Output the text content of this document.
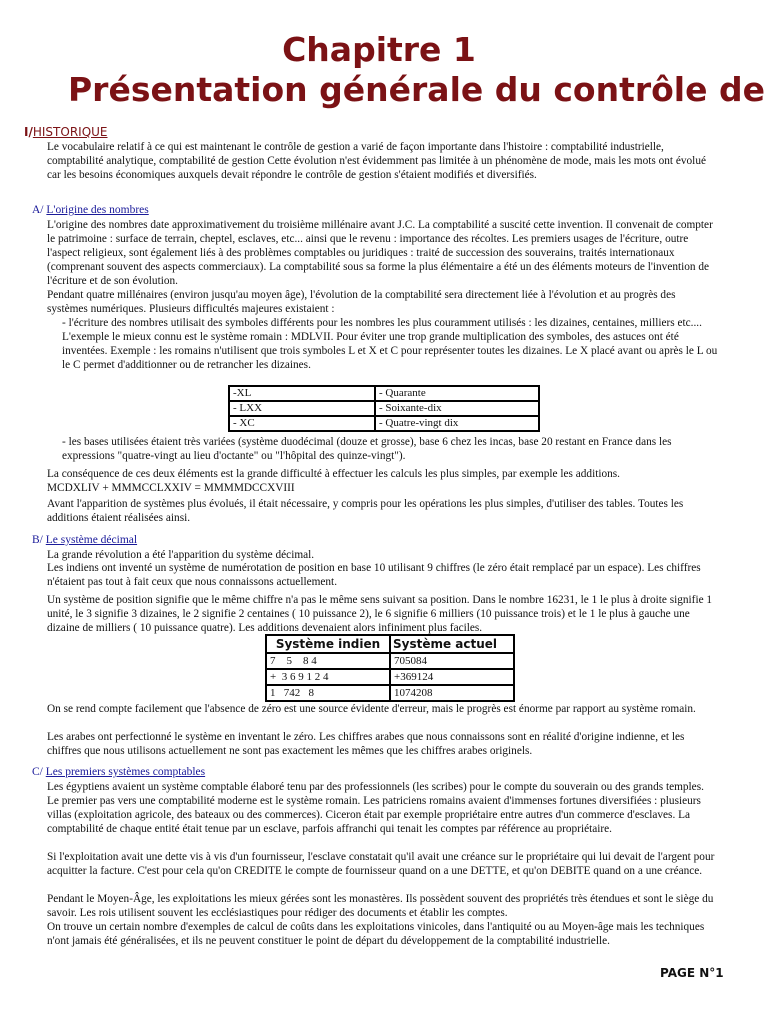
Chapitre 1
Présentation générale du contrôle de
I/HISTORIQUE
Le vocabulaire relatif à ce qui est maintenant le contrôle de gestion a varié de façon importante dans l'histoire : comptabilité industrielle, comptabilité analytique, comptabilité de gestion Cette évolution n'est évidemment pas limitée à un phénomène de mode, mais les mots ont évolué car les besoins économiques auxquels devait répondre le contrôle de gestion s'étaient modifiés et diversifiés.
A/ L'origine des nombres
L'origine des nombres date approximativement du troisième millénaire avant J.C. La comptabilité a suscité cette invention. Il convenait de compter le patrimoine : surface de terrain, cheptel, esclaves, etc... ainsi que le revenu : importance des récoltes. Les premiers usages de l'écriture, outre l'aspect religieux, sont également liés à des problèmes comptables ou juridiques : traité de succession des souverains, traités internationaux (comprenant souvent des aspects commerciaux). La comptabilité sous sa forme la plus élémentaire a été un des éléments moteurs de l'invention de l'écriture et de son évolution.
Pendant quatre millénaires (environ jusqu'au moyen âge), l'évolution de la comptabilité sera directement liée à l'évolution et au progrès des systèmes numériques. Plusieurs difficultés majeures existaient :
- l'écriture des nombres utilisait des symboles différents pour les nombres les plus couramment utilisés : les dizaines, centaines, milliers etc.... L'exemple le mieux connu est le système romain : MDLVII. Pour éviter une trop grande multiplication des symboles, des astuces ont été inventées. Exemple : les romains n'utilisent que trois symboles L et X et C pour représenter toutes les dizaines. Le X placé avant ou après le L ou le C permet d'additionner ou de retrancher les dizaines.
-XL	- Quarante
- LXX	- Soixante-dix
- XC	- Quatre-vingt dix
- les bases utilisées étaient très variées (système duodécimal (douze et grosse), base 6 chez les incas, base 20 restant en France dans les expressions "quatre-vingt au lieu d'octante" ou "l'hôpital des quinze-vingt").
La conséquence de ces deux éléments est la grande difficulté à effectuer les calculs les plus simples, par exemple les additions.
MCDXLIV + MMMCCLXXIV = MMMMDCCXVIII
Avant l'apparition de systèmes plus évolués, il était nécessaire, y compris pour les opérations les plus simples, d'utiliser des tables. Toutes les additions étaient réalisées ainsi.
B/ Le système décimal
La grande révolution a été l'apparition du système décimal.
Les indiens ont inventé un système de numérotation de position en base 10 utilisant 9 chiffres (le zéro était remplacé par un espace). Les chiffres n'étaient pas tout à fait ceux que nous connaissons actuellement.
Un système de position signifie que le même chiffre n'a pas le même sens suivant sa position. Dans le nombre 16231, le 1 le plus à droite signifie 1 unité, le 3 signifie 3 dizaines, le 2 signifie 2 centaines ( 10 puissance 2), le 6 signifie 6 milliers (10 puissance trois) et le 1 le plus à gauche une dizaine de milliers ( 10 puissance quatre). Les additions devenaient alors infiniment plus faciles.
Système indien	Système actuel
7    5    8 4	705084
+  3 6 9 1 2 4	+369124
1   742   8	1074208
On se rend compte facilement que l'absence de zéro est une source évidente d'erreur, mais le progrès est énorme par rapport au système romain.
Les arabes ont perfectionné le système en inventant le zéro. Les chiffres arabes que nous connaissons sont en réalité d'origine indienne, et les chiffres que nous utilisons actuellement ne sont pas exactement les mêmes que les chiffres arabes originels.
C/ Les premiers systèmes comptables
Les égyptiens avaient un système comptable élaboré tenu par des professionnels (les scribes) pour le compte du souverain ou des grands temples. Le premier pas vers une comptabilité moderne est le système romain. Les patriciens romains avaient d'immenses fortunes diversifiées : plusieurs villas (exploitation agricole, des bateaux ou des commerces). Ciceron était par exemple propriétaire entre autres d'un commerce d'esclaves. La comptabilité de chaque entité était tenue par un esclave, parfois affranchi qui tenait les comptes par référence au propriétaire.
Si l'exploitation avait une dette vis à vis d'un fournisseur, l'esclave constatait qu'il avait une créance sur le propriétaire qui lui devait de l'argent pour acquitter la facture. C'est pour cela qu'on CREDITE le compte de fournisseur quand on a une DETTE, et qu'on DEBITE quand on a une créance.
Pendant le Moyen-Âge, les exploitations les mieux gérées sont les monastères. Ils possèdent souvent des propriétés très étendues et sont le siège du savoir. Les rois utilisent souvent les ecclésiastiques pour rédiger des documents et établir les comptes.
On trouve un certain nombre d'exemples de calcul de coûts dans les exploitations vinicoles, dans l'antiquité ou au Moyen-âge mais les techniques n'ont jamais été généralisées, et ils ne peuvent constituer le point de départ du développement de la comptabilité industrielle.
PAGE N°1
